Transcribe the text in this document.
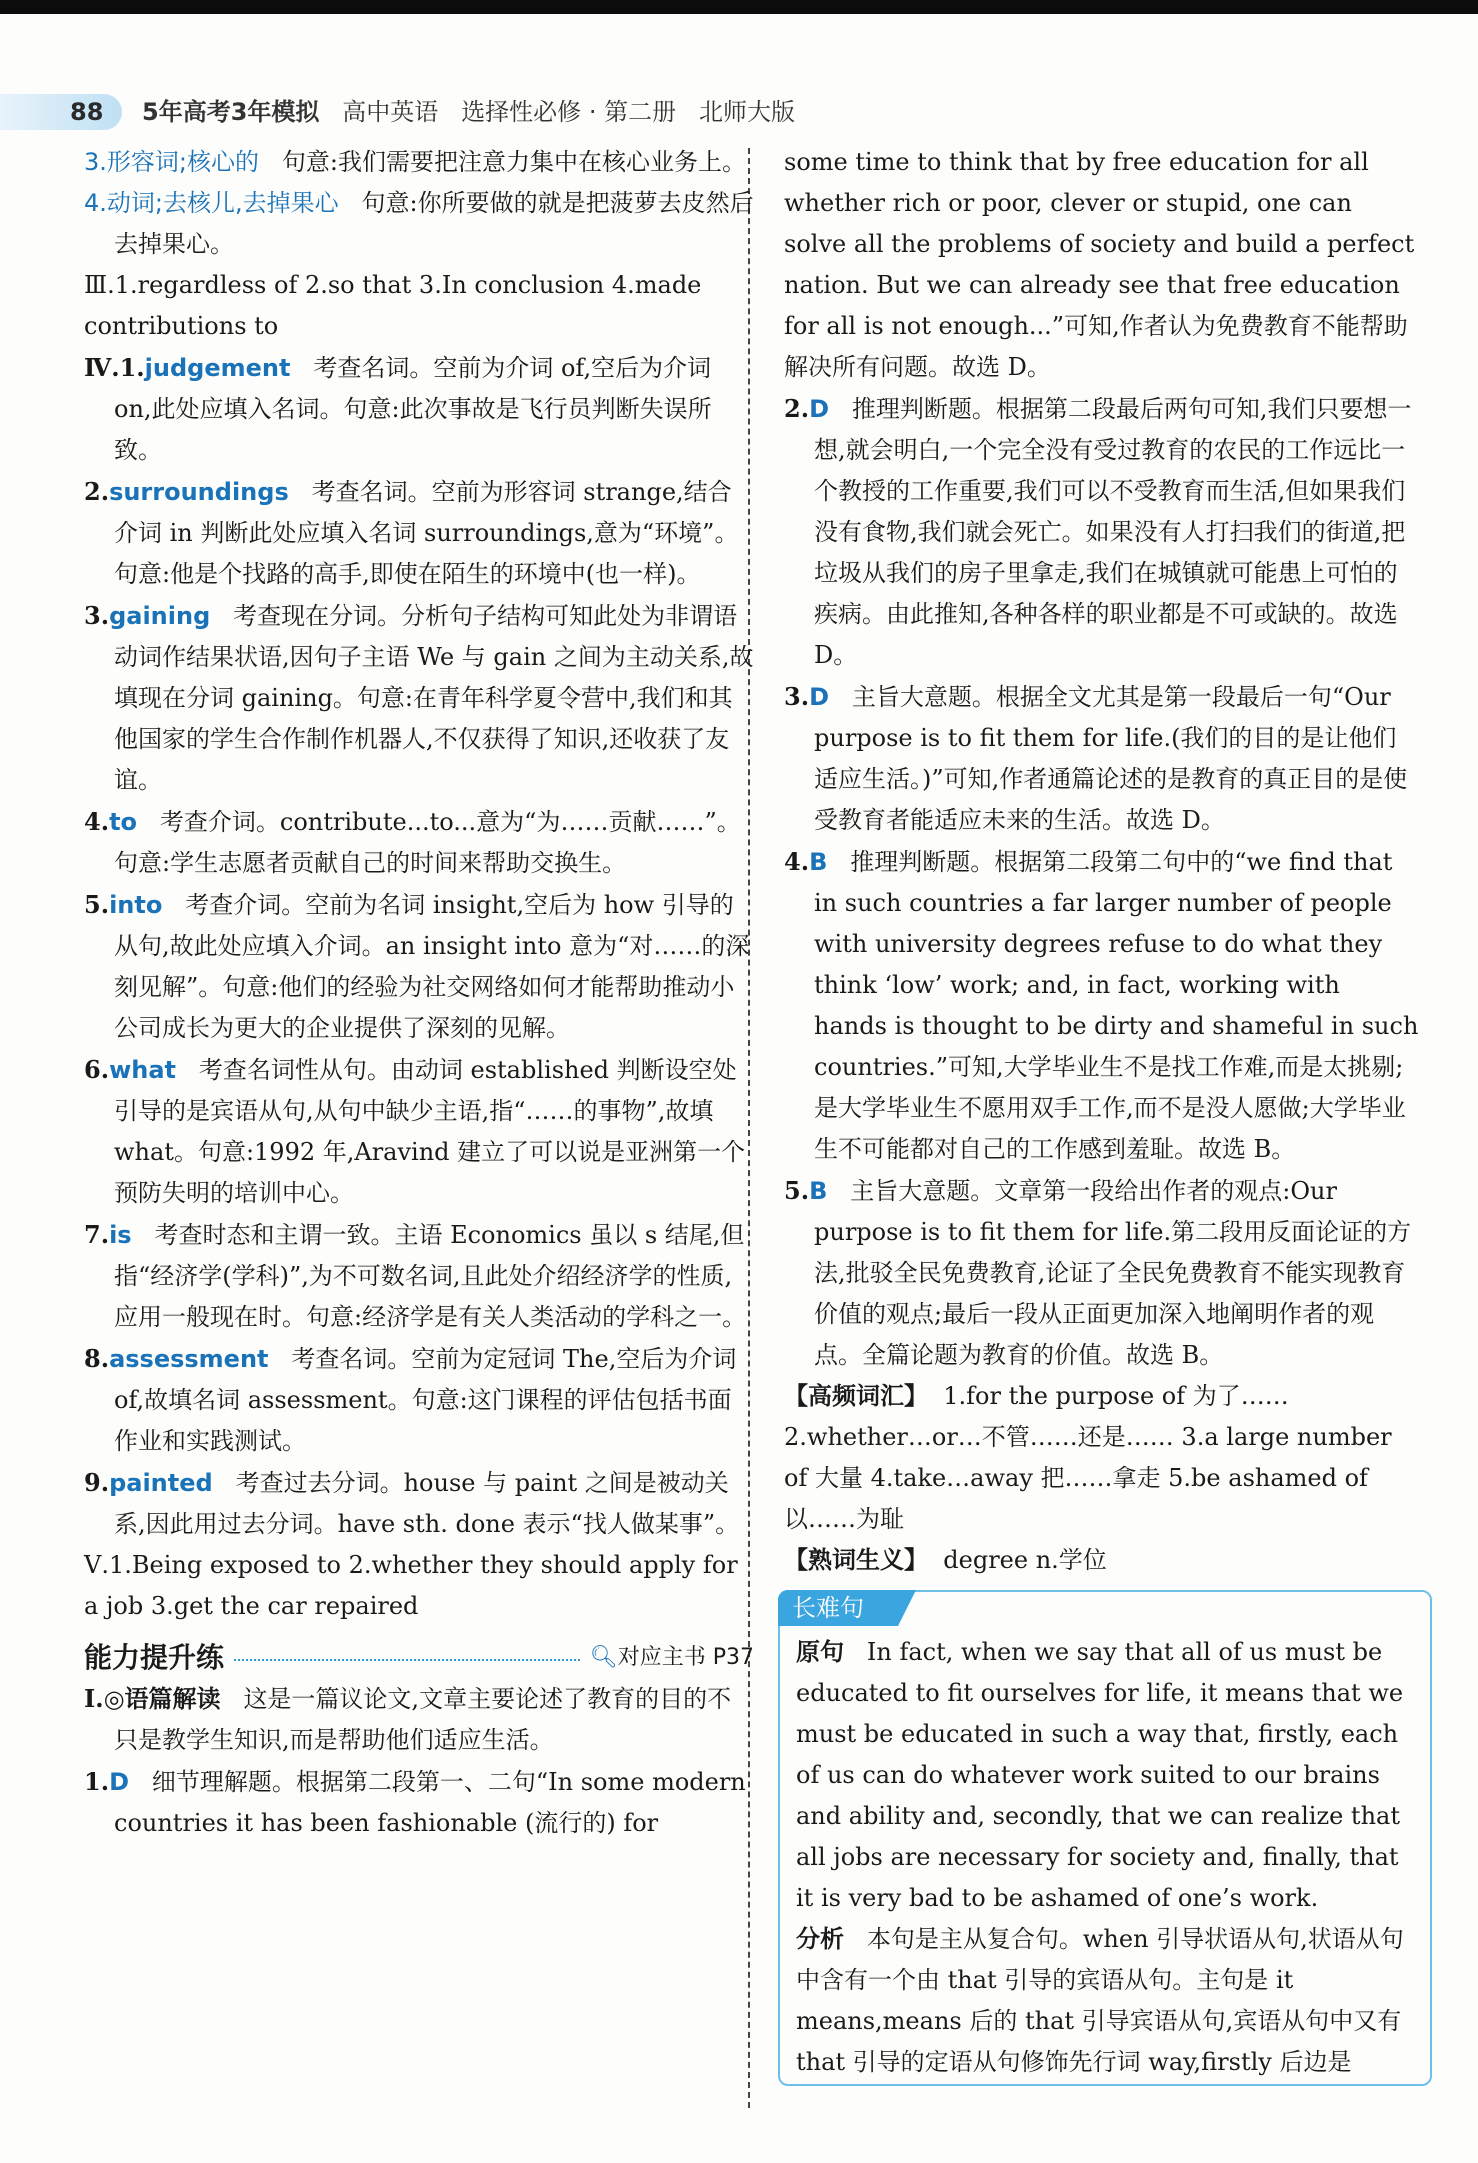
88 5年高考3年模拟 高中英语 选择性必修 · 第二册 北师大版

3.形容词;核心的 句意:我们需要把注意力集中在核心业务上。

4.动词;去核儿,去掉果心 句意:你所要做的就是把菠萝去皮然后去掉果心。

Ⅲ.1.regardless of 2.so that 3.In conclusion 4.made contributions to

Ⅳ.1.judgement 考查名词。空前为介词 of,空后为介词 on,此处应填入名词。句意:此次事故是飞行员判断失误所致。

2.surroundings 考查名词。空前为形容词 strange,结合介词 in 判断此处应填入名词 surroundings,意为“环境”。句意:他是个找路的高手,即使在陌生的环境中(也一样)。

3.gaining 考查现在分词。分析句子结构可知此处为非谓语动词作结果状语,因句子主语 We 与 gain 之间为主动关系,故填现在分词 gaining。句意:在青年科学夏令营中,我们和其他国家的学生合作制作机器人,不仅获得了知识,还收获了友谊。

4.to 考查介词。contribute...to...意为“为……贡献……”。句意:学生志愿者贡献自己的时间来帮助交换生。

5.into 考查介词。空前为名词 insight,空后为 how 引导的从句,故此处应填入介词。an insight into 意为“对……的深刻见解”。句意:他们的经验为社交网络如何才能帮助推动小公司成长为更大的企业提供了深刻的见解。

6.what 考查名词性从句。由动词 established 判断设空处引导的是宾语从句,从句中缺少主语,指“……的事物”,故填 what。句意:1992 年,Aravind 建立了可以说是亚洲第一个预防失明的培训中心。

7.is 考查时态和主谓一致。主语 Economics 虽以 s 结尾,但指“经济学(学科)”,为不可数名词,且此处介绍经济学的性质,应用一般现在时。句意:经济学是有关人类活动的学科之一。

8.assessment 考查名词。空前为定冠词 The,空后为介词 of,故填名词 assessment。句意:这门课程的评估包括书面作业和实践测试。

9.painted 考查过去分词。house 与 paint 之间是被动关系,因此用过去分词。have sth. done 表示“找人做某事”。

Ⅴ.1.Being exposed to 2.whether they should apply for a job 3.get the car repaired

能力提升练	🔍︎对应主书 P37

Ⅰ.◎语篇解读 这是一篇议论文,文章主要论述了教育的目的不只是教学生知识,而是帮助他们适应生活。

1.D 细节理解题。根据第二段第一、二句“In some modern countries it has been fashionable (流行的) for

some time to think that by free education for all whether rich or poor, clever or stupid, one can solve all the problems of society and build a perfect nation. But we can already see that free education for all is not enough...”可知,作者认为免费教育不能帮助解决所有问题。故选 D。

2.D 推理判断题。根据第二段最后两句可知,我们只要想一想,就会明白,一个完全没有受过教育的农民的工作远比一个教授的工作重要,我们可以不受教育而生活,但如果我们没有食物,我们就会死亡。如果没有人打扫我们的街道,把垃圾从我们的房子里拿走,我们在城镇就可能患上可怕的疾病。由此推知,各种各样的职业都是不可或缺的。故选 D。

3.D 主旨大意题。根据全文尤其是第一段最后一句“Our purpose is to fit them for life.(我们的目的是让他们适应生活。)”可知,作者通篇论述的是教育的真正目的是使受教育者能适应未来的生活。故选 D。

4.B 推理判断题。根据第二段第二句中的“we find that in such countries a far larger number of people with university degrees refuse to do what they think ‘low’ work; and, in fact, working with hands is thought to be dirty and shameful in such countries.”可知,大学毕业生不是找工作难,而是太挑剔;是大学毕业生不愿用双手工作,而不是没人愿做;大学毕业生不可能都对自己的工作感到羞耻。故选 B。

5.B 主旨大意题。文章第一段给出作者的观点:Our purpose is to fit them for life.第二段用反面论证的方法,批驳全民免费教育,论证了全民免费教育不能实现教育价值的观点;最后一段从正面更加深入地阐明作者的观点。全篇论题为教育的价值。故选 B。

【高频词汇】 1.for the purpose of 为了…… 2.whether…or…不管……还是…… 3.a large number of 大量 4.take…away 把……拿走 5.be ashamed of 以……为耻

【熟词生义】 degree n.学位

长难句

原句 In fact, when we say that all of us must be educated to fit ourselves for life, it means that we must be educated in such a way that, firstly, each of us can do whatever work suited to our brains and ability and, secondly, that we can realize that all jobs are necessary for society and, finally, that it is very bad to be ashamed of one’s work.

分析 本句是主从复合句。when 引导状语从句,状语从句中含有一个由 that 引导的宾语从句。主句是 it means,means 后的 that 引导宾语从句,宾语从句中又有 that 引导的定语从句修饰先行词 way,firstly 后边是
